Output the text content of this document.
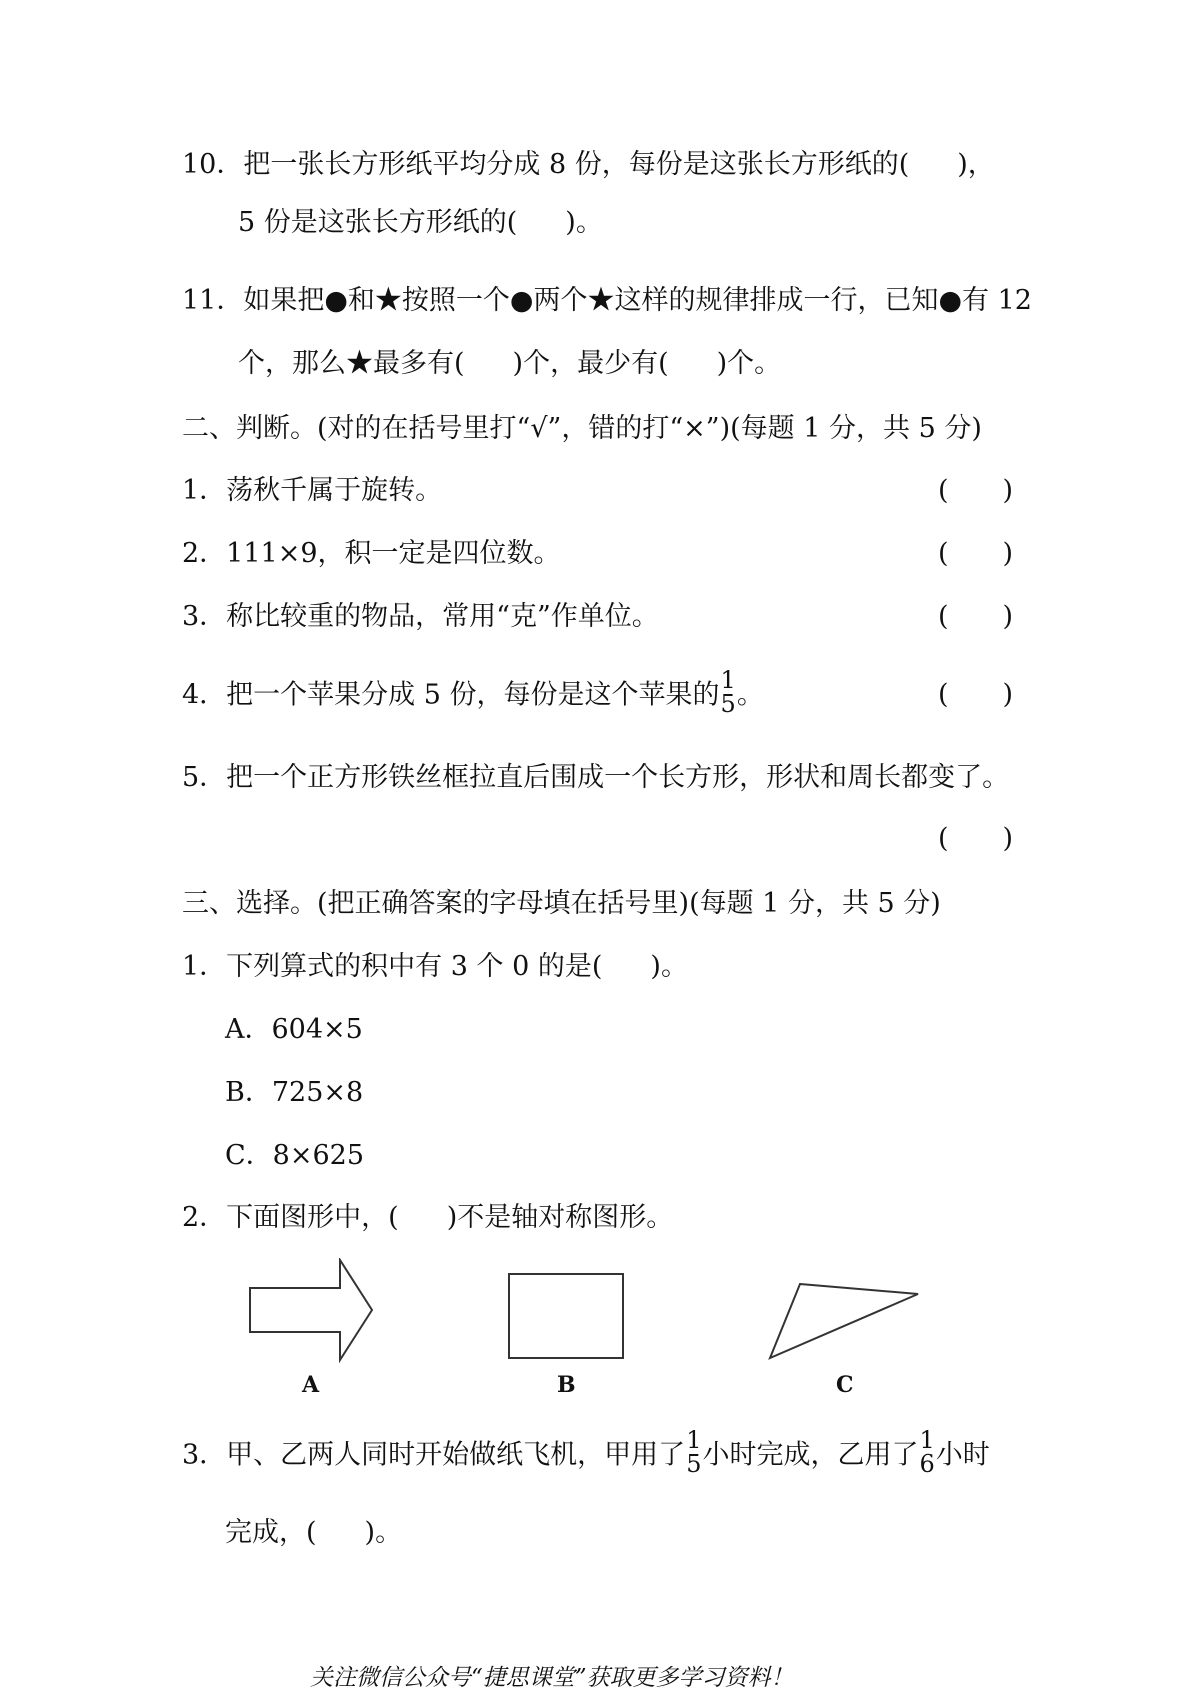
10．把一张长方形纸平均分成 8 份，每份是这张长方形纸的( )，
5 份是这张长方形纸的( )。
11．如果把●和★按照一个●两个★这样的规律排成一行，已知●有 12
个，那么★最多有( )个，最少有( )个。
二、判断。(对的在括号里打“√”，错的打“×”)(每题 1 分，共 5 分)
1．荡秋千属于旋转。	(　　)
2．111×9，积一定是四位数。	(　　)
3．称比较重的物品，常用“克”作单位。	(　　)
4．把一个苹果分成 5 份，每份是这个苹果的 1
5 。	(　　)
5．把一个正方形铁丝框拉直后围成一个长方形，形状和周长都变了。
(　　)
三、选择。(把正确答案的字母填在括号里)(每题 1 分，共 5 分)
1．下列算式的积中有 3 个 0 的是( )。
A．604×5
B．725×8
C．8×625
2．下面图形中，( )不是轴对称图形。
A	B	C
3．甲、乙两人同时开始做纸飞机，甲用了 1
5 小时完成，乙用了 1
6 小时
完成，( )。
关注微信公众号“捷思课堂”获取更多学习资料！
